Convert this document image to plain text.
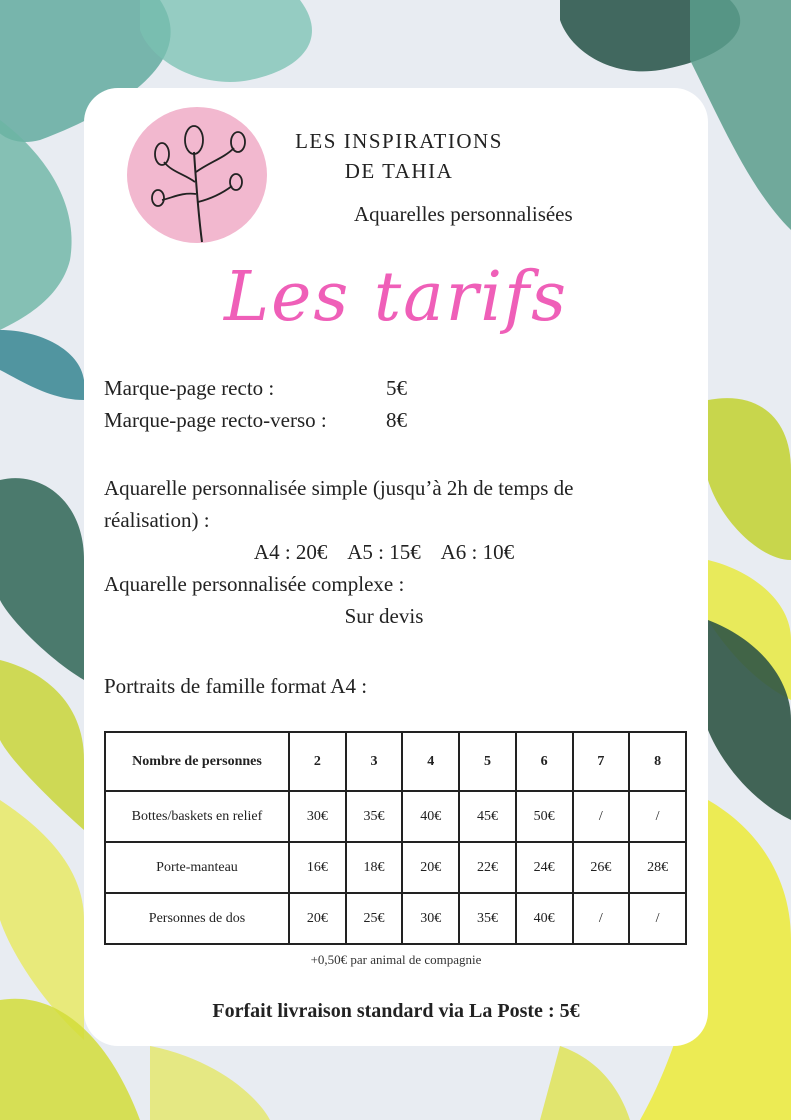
LES INSPIRATIONS
DE TAHIA
Aquarelles personnalisées
Les tarifs
Marque-page recto :	5€
Marque-page recto-verso :	8€
Aquarelle personnalisée simple (jusqu’à 2h de temps de réalisation) :
A4 : 20€    A5 : 15€    A6 : 10€
Aquarelle personnalisée complexe :
Sur devis
Portraits de famille format A4 :
Nombre de personnes	2	3	4	5	6	7	8
Bottes/baskets en relief	30€	35€	40€	45€	50€	/	/
Porte-manteau	16€	18€	20€	22€	24€	26€	28€
Personnes de dos	20€	25€	30€	35€	40€	/	/
+0,50€ par animal de compagnie
Forfait livraison standard via La Poste : 5€
